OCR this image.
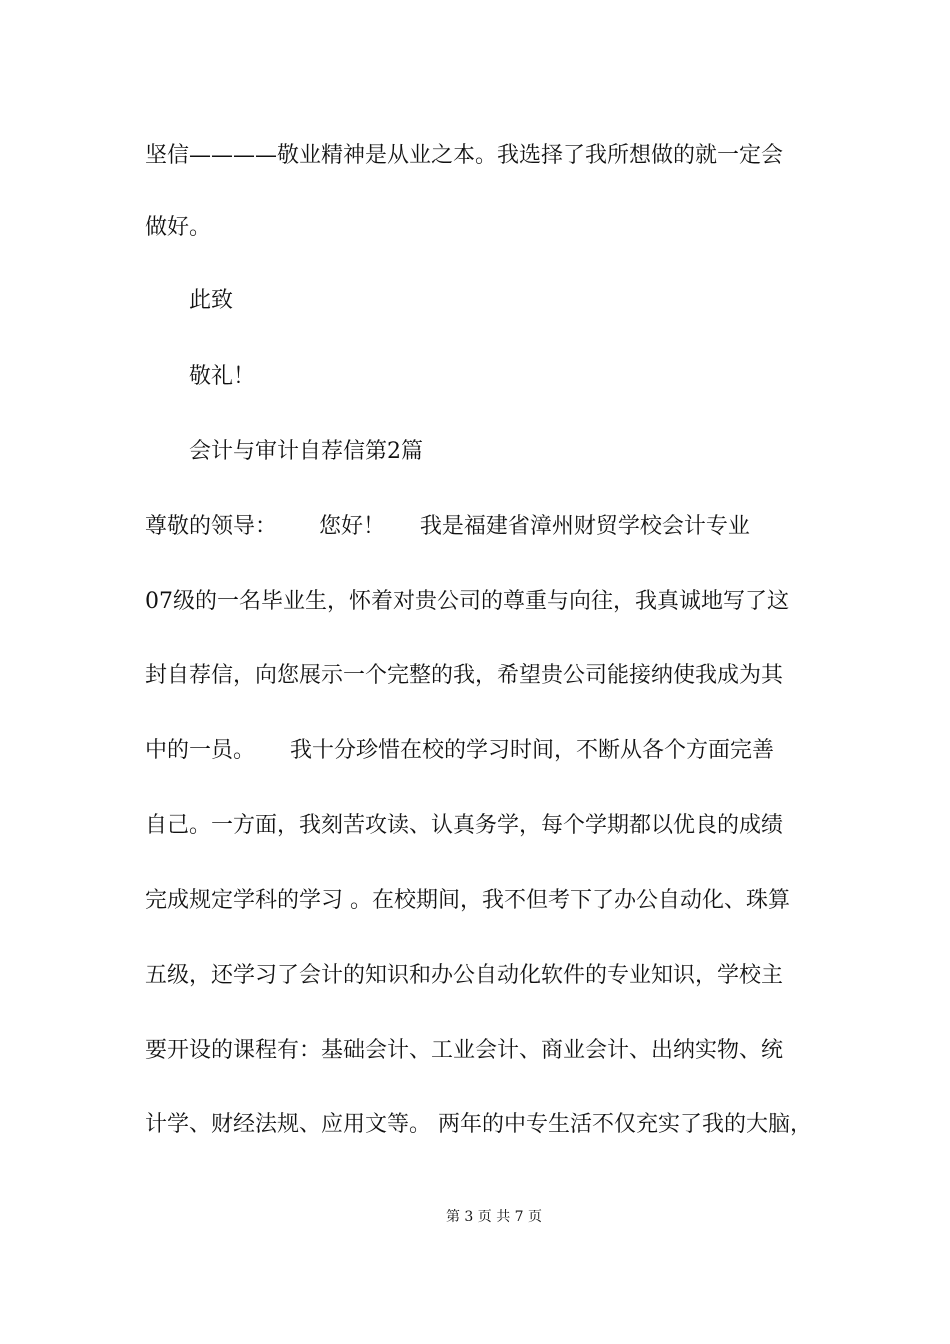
坚信————敬业精神是从业之本。我选择了我所想做的就一定会

做好。

此致

敬礼！

会计与审计自荐信第2篇

尊敬的领导：      您好！     我是福建省漳州财贸学校会计专业

07级的一名毕业生，怀着对贵公司的尊重与向往，我真诚地写了这

封自荐信，向您展示一个完整的我，希望贵公司能接纳使我成为其

中的一员。     我十分珍惜在校的学习时间，不断从各个方面完善

自己。一方面，我刻苦攻读、认真务学，每个学期都以优良的成绩

完成规定学科的学习 。在校期间，我不但考下了办公自动化、珠算

五级，还学习了会计的知识和办公自动化软件的专业知识，学校主

要开设的课程有：基础会计、工业会计、商业会计、出纳实物、统

计学、财经法规、应用文等。 两年的中专生活不仅充实了我的大脑，

第 3 页 共 7 页
